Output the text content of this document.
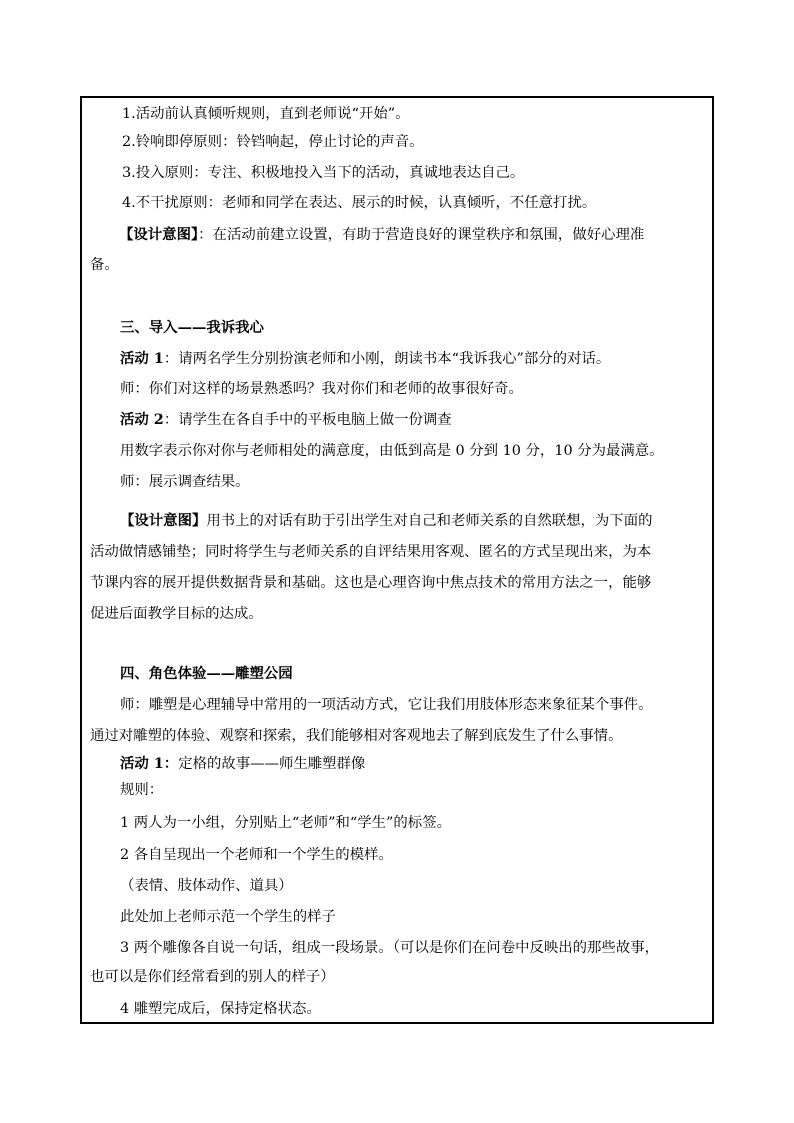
1.活动前认真倾听规则，直到老师说“开始”。
2.铃响即停原则：铃铛响起，停止讨论的声音。
3.投入原则：专注、积极地投入当下的活动，真诚地表达自己。
4.不干扰原则：老师和同学在表达、展示的时候，认真倾听，不任意打扰。
【设计意图】：在活动前建立设置，有助于营造良好的课堂秩序和氛围，做好心理准
备。
三、导入——我诉我心
活动 1：请两名学生分别扮演老师和小刚，朗读书本“我诉我心”部分的对话。
师：你们对这样的场景熟悉吗？我对你们和老师的故事很好奇。
活动 2：请学生在各自手中的平板电脑上做一份调查
用数字表示你对你与老师相处的满意度，由低到高是 0 分到 10 分，10 分为最满意。
师：展示调查结果。
【设计意图】用书上的对话有助于引出学生对自己和老师关系的自然联想，为下面的
活动做情感铺垫；同时将学生与老师关系的自评结果用客观、匿名的方式呈现出来，为本
节课内容的展开提供数据背景和基础。这也是心理咨询中焦点技术的常用方法之一，能够
促进后面教学目标的达成。
四、角色体验——雕塑公园
师：雕塑是心理辅导中常用的一项活动方式，它让我们用肢体形态来象征某个事件。
通过对雕塑的体验、观察和探索，我们能够相对客观地去了解到底发生了什么事情。
活动 1：定格的故事——师生雕塑群像
规则：
1 两人为一小组，分别贴上“老师”和“学生”的标签。
2 各自呈现出一个老师和一个学生的模样。
（表情、肢体动作、道具）
此处加上老师示范一个学生的样子
3 两个雕像各自说一句话，组成一段场景。（可以是你们在问卷中反映出的那些故事，
也可以是你们经常看到的别人的样子）
4 雕塑完成后，保持定格状态。
